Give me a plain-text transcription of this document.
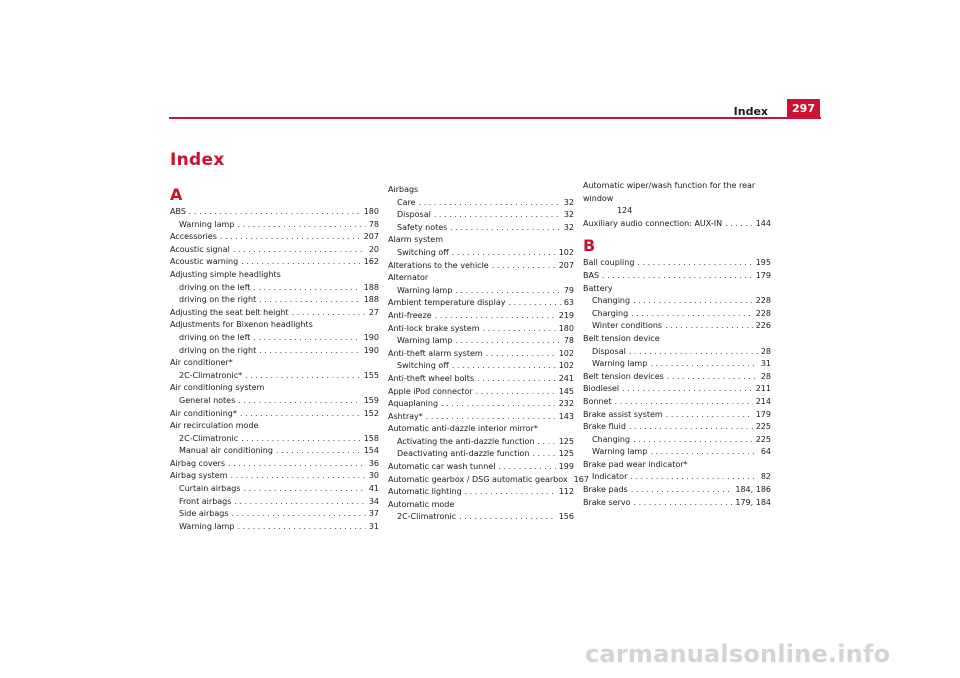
Index	297
Index
A
ABS . . .	180
Warning lamp . . .	78
Accessories . . .	207
Acoustic signal . . .	20
Acoustic warning . . .	162
Adjusting simple headlights
driving on the left . . .	188
driving on the right . . .	188
Adjusting the seat belt height . . .	27
Adjustments for Bixenon headlights
driving on the left . . .	190
driving on the right . . .	190
Air conditioner*
2C-Climatronic* . . .	155
Air conditioning system
General notes . . .	159
Air conditioning* . . .	152
Air recirculation mode
2C-Climatronic . . .	158
Manual air conditioning . . .	154
Airbag covers . . .	36
Airbag system . . .	30
Curtain airbags . . .	41
Front airbags . . .	34
Side airbags . . .	37
Warning lamp . . .	31
Airbags
Care . . .	32
Disposal . . .	32
Safety notes . . .	32
Alarm system
Switching off . . .	102
Alterations to the vehicle . . .	207
Alternator
Warning lamp . . .	79
Ambient temperature display . . .	63
Anti-freeze . . .	219
Anti-lock brake system . . .	180
Warning lamp . . .	78
Anti-theft alarm system . . .	102
Switching off . . .	102
Anti-theft wheel bolts . . .	241
Apple iPod connector . . .	145
Aquaplaning . . .	232
Ashtray* . . .	143
Automatic anti-dazzle interior mirror*
Activating the anti-dazzle function . . .	125
Deactivating anti-dazzle function . . .	125
Automatic car wash tunnel . . .	199
Automatic gearbox / DSG automatic gearbox 167
Automatic lighting . . .	112
Automatic mode
2C-Climatronic . . .	156
Automatic wiper/wash function for the rear window
124
Auxiliary audio connection: AUX-IN . . .	144
B
Ball coupling . . .	195
BAS . . .	179
Battery
Changing . . .	228
Charging . . .	228
Winter conditions . . .	226
Belt tension device
Disposal . . .	28
Warning lamp . . .	31
Belt tension devices . . .	28
Biodiesel . . .	211
Bonnet . . .	214
Brake assist system . . .	179
Brake fluid . . .	225
Changing . . .	225
Warning lamp . . .	64
Brake pad wear indicator*
Indicator . . .	82
Brake pads . . .	184, 186
Brake servo . . .	179, 184
carmanualsonline.info
